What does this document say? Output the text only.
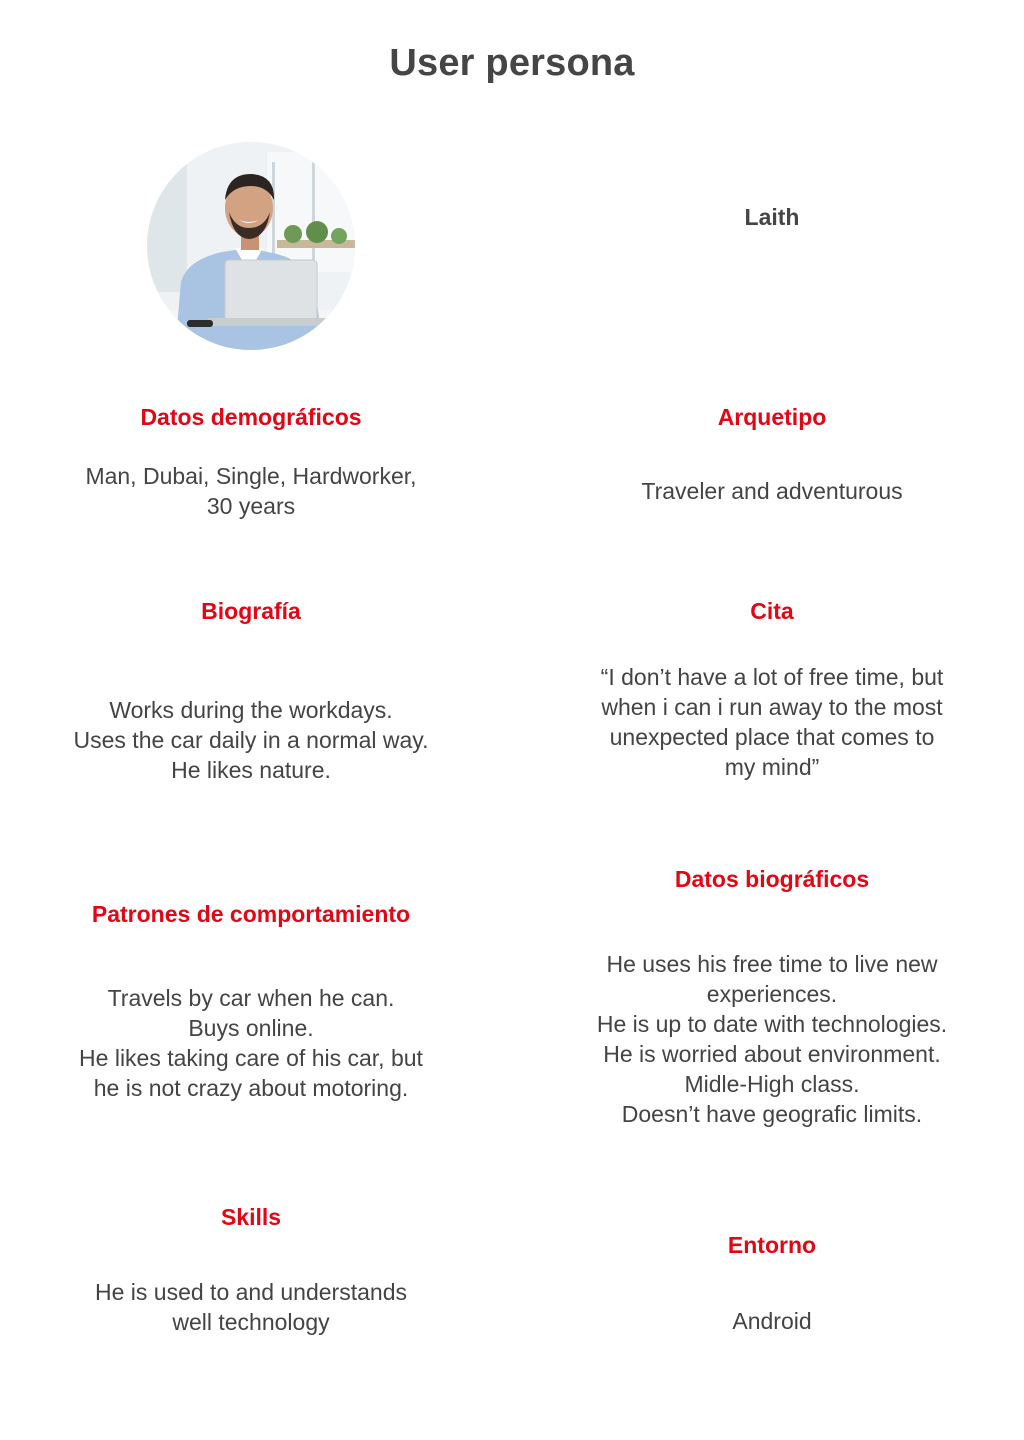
User persona
Laith
Datos demográficos
Man, Dubai, Single, Hardworker,
30 years
Arquetipo
Traveler and adventurous
Biografía
Works during the workdays.
Uses the car daily in a normal way.
He likes nature.
Cita
“I don’t have a lot of free time, but
when i can i run away to the most
unexpected place that comes to
my mind”
Patrones de comportamiento
Travels by car when he can.
Buys online.
He likes taking care of his car, but
he is not crazy about motoring.
Datos biográficos
He uses his free time to live new
experiences.
He is up to date with technologies.
He is worried about environment.
Midle-High class.
Doesn’t have geografic limits.
Skills
He is used to and understands
well technology
Entorno
Android
